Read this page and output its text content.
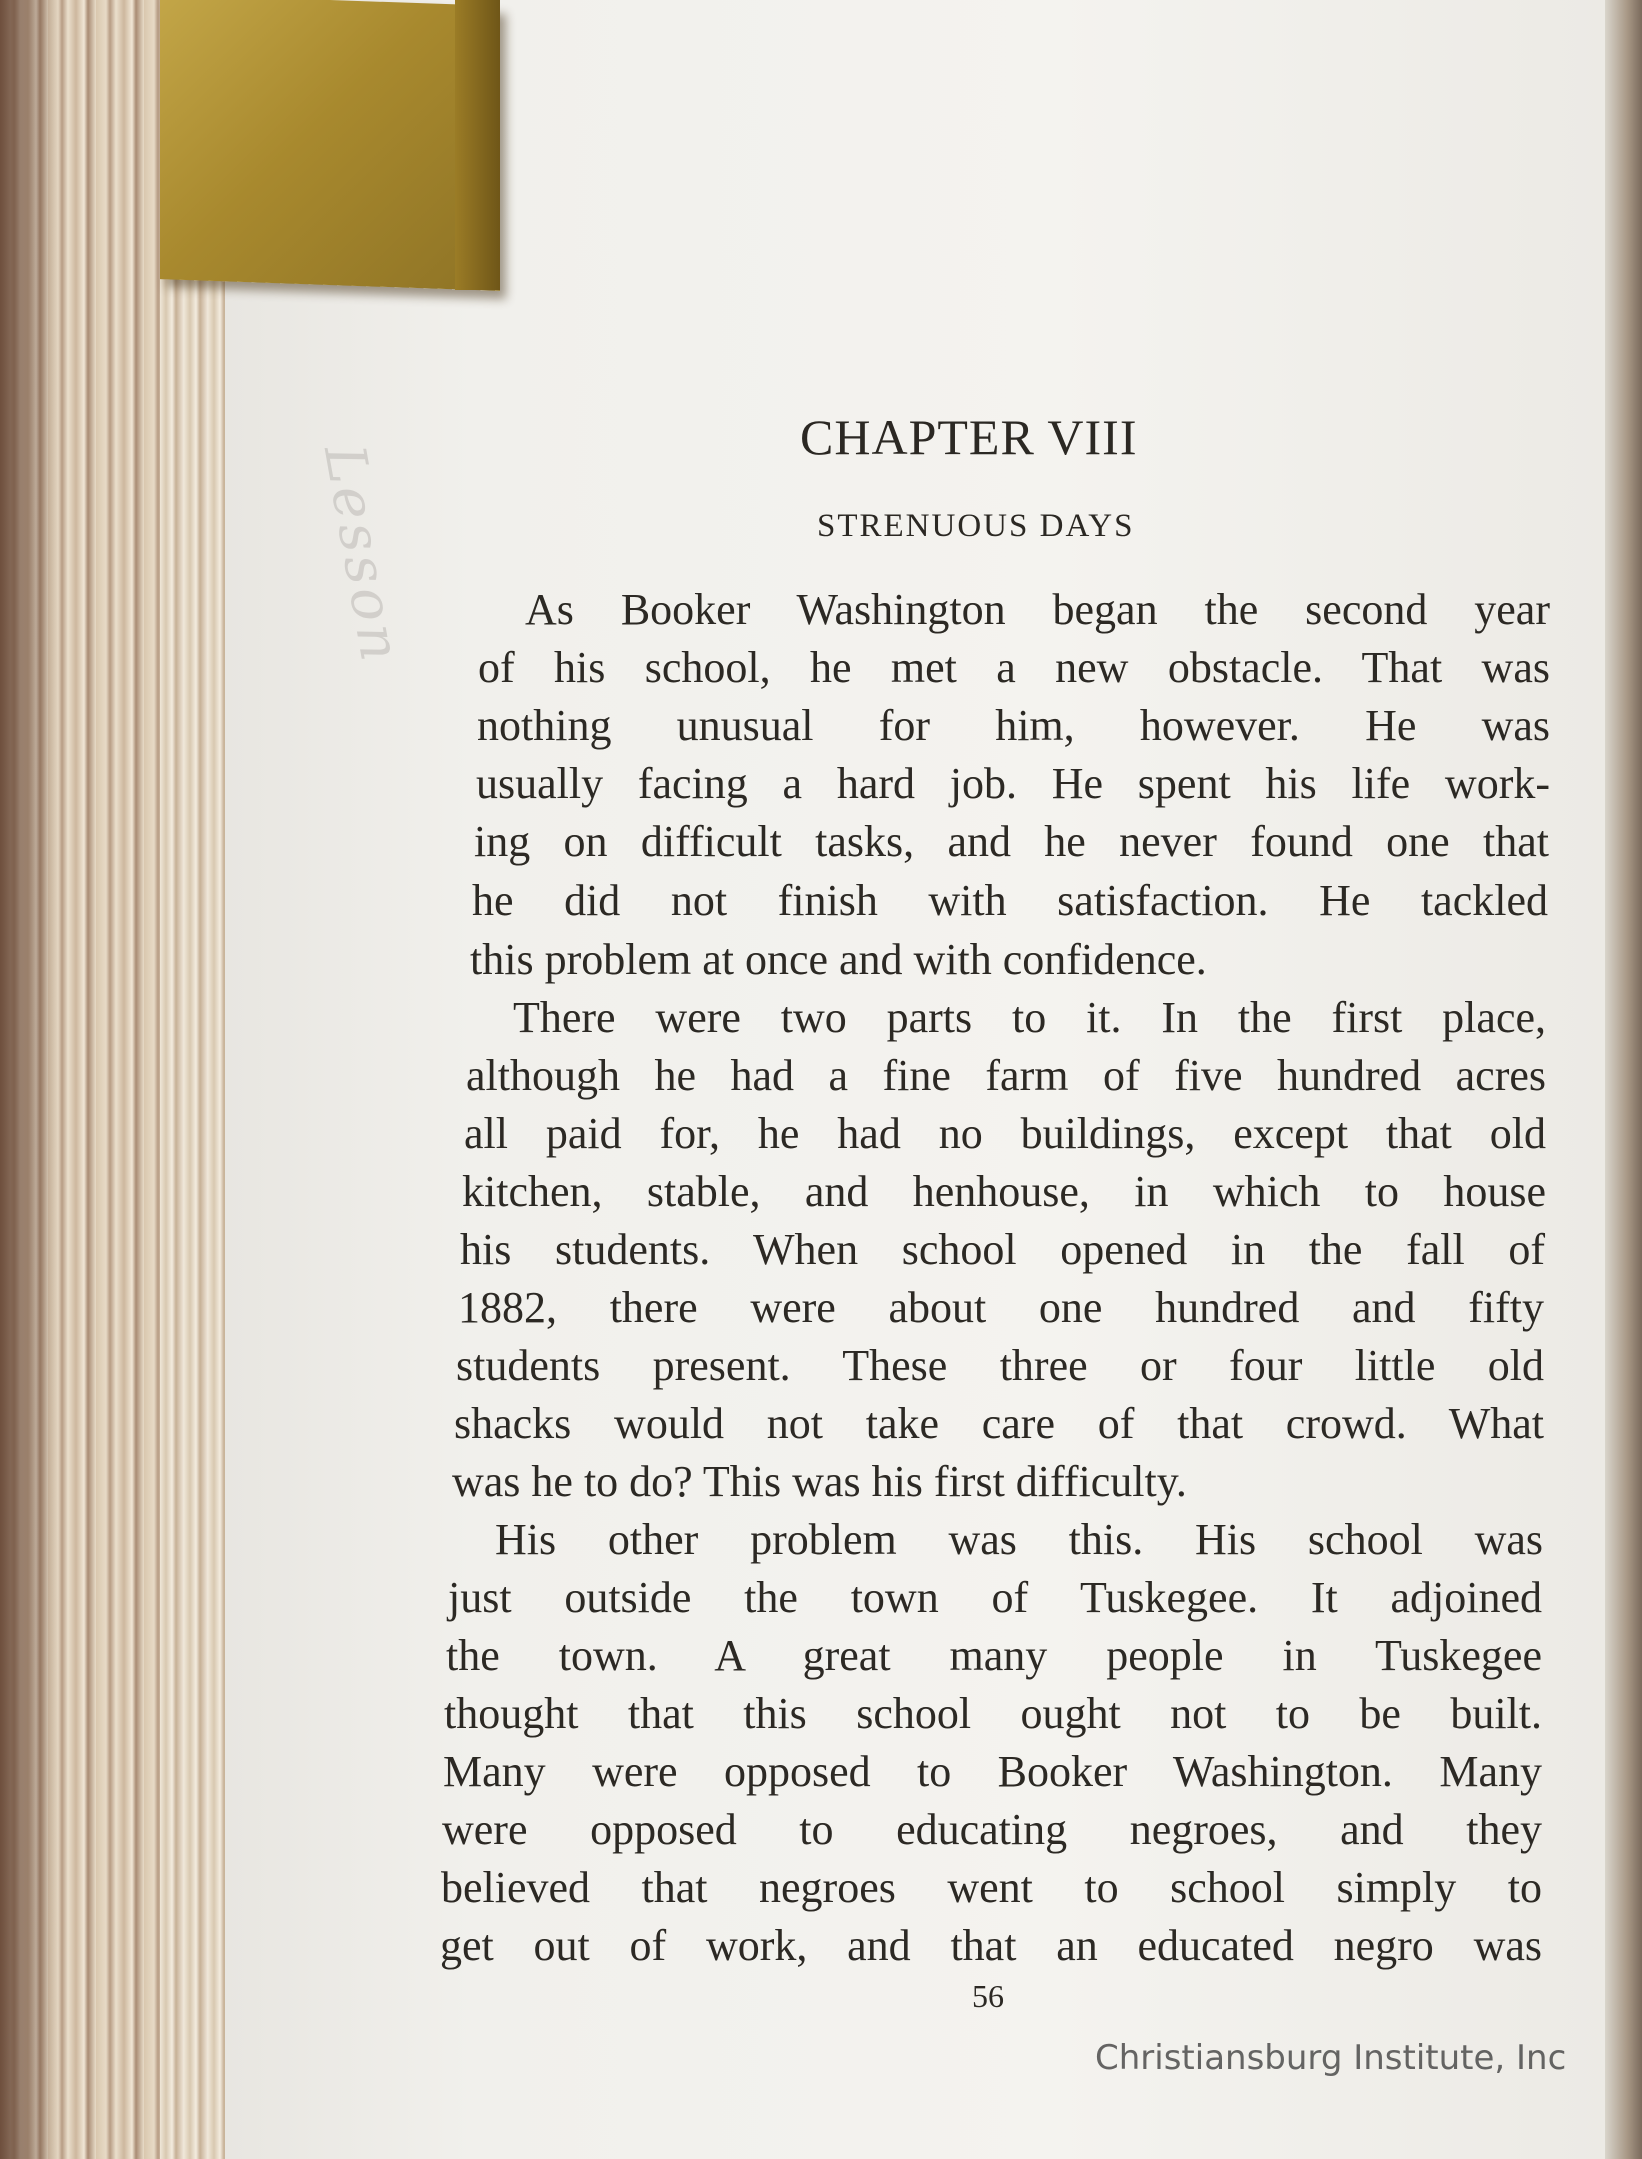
Lesson
CHAPTER VIII
STRENUOUS DAYS
As Booker Washington began the second year
of his school, he met a new obstacle. That was
nothing unusual for him, however. He was
usually facing a hard job. He spent his life work-
ing on difficult tasks, and he never found one that
he did not finish with satisfaction. He tackled
this problem at once and with confidence.
There were two parts to it. In the first place,
although he had a fine farm of five hundred acres
all paid for, he had no buildings, except that old
kitchen, stable, and henhouse, in which to house
his students. When school opened in the fall of
1882, there were about one hundred and fifty
students present. These three or four little old
shacks would not take care of that crowd. What
was he to do? This was his first difficulty.
His other problem was this. His school was
just outside the town of Tuskegee. It adjoined
the town. A great many people in Tuskegee
thought that this school ought not to be built.
Many were opposed to Booker Washington. Many
were opposed to educating negroes, and they
believed that negroes went to school simply to
get out of work, and that an educated negro was
56
Christiansburg Institute, Inc
